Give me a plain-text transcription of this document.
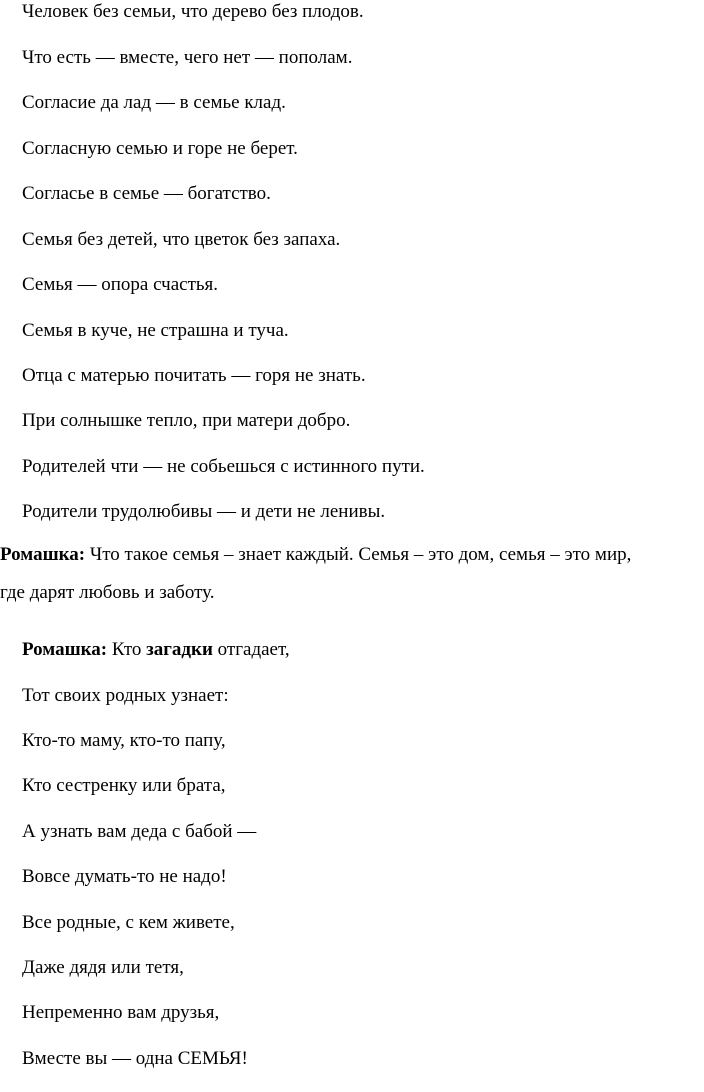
Человек без семьи, что дерево без плодов.
Что есть — вместе, чего нет — пополам.
Согласие да лад — в семье клад.
Согласную семью и горе не берет.
Согласье в семье — богатство.
Семья без детей, что цветок без запаха.
Семья — опора счастья.
Семья в куче, не страшна и туча.
Отца с матерью почитать — горя не знать.
При солнышке тепло, при матери добро.
Родителей чти — не собьешься с истинного пути.
Родители трудолюбивы — и дети не ленивы.
Ромашка: Что такое семья – знает каждый. Семья – это дом, семья – это мир,
где дарят любовь и заботу.
Ромашка: Кто загадки отгадает,
Тот своих родных узнает:
Кто-то маму, кто-то папу,
Кто сестренку или брата,
А узнать вам деда с бабой —
Вовсе думать-то не надо!
Все родные, с кем живете,
Даже дядя или тетя,
Непременно вам друзья,
Вместе вы — одна СЕМЬЯ!
